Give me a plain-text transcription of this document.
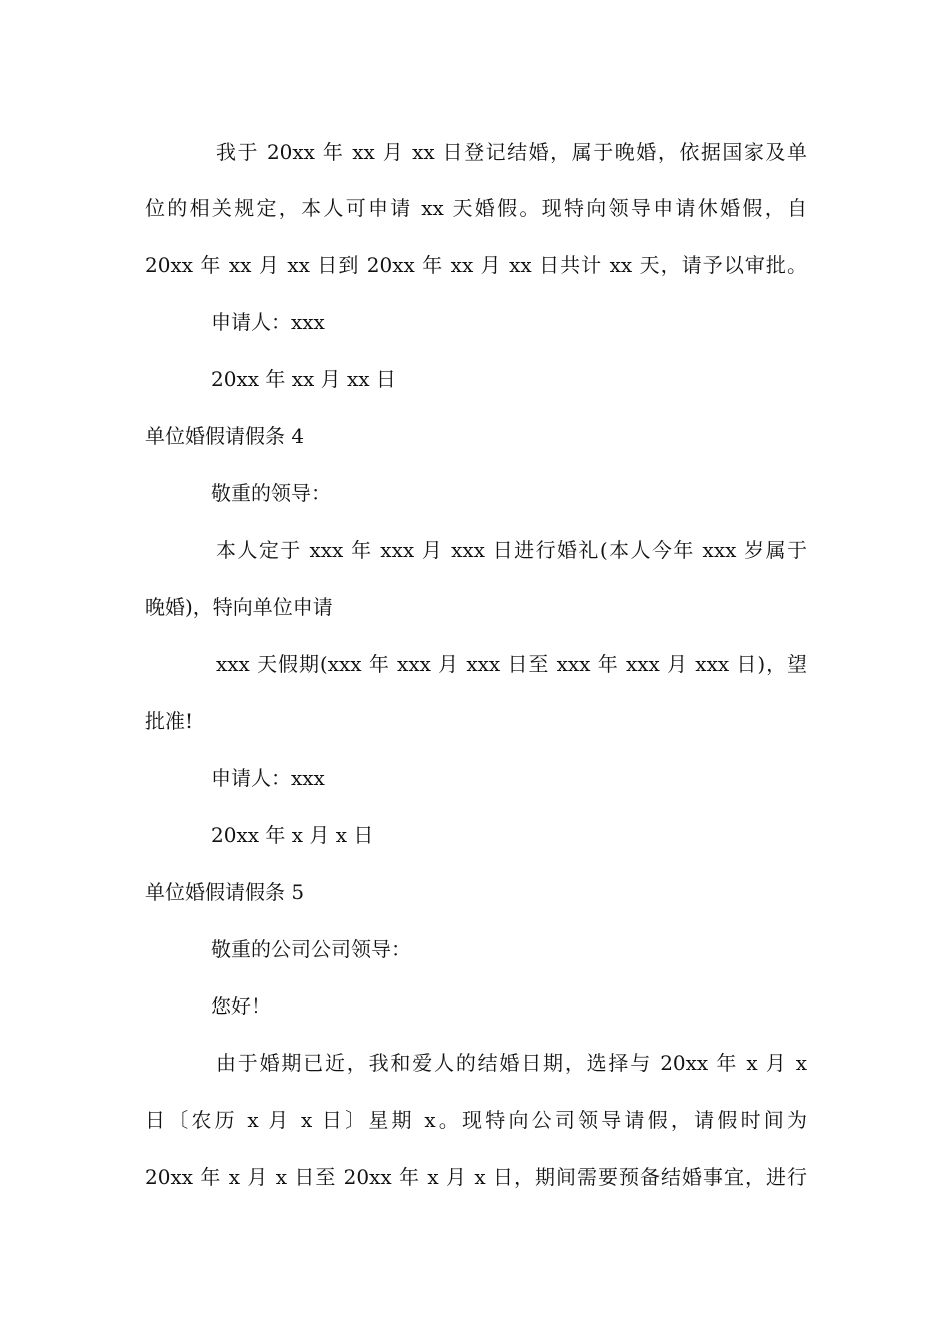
我于 20xx 年 xx 月 xx 日登记结婚，属于晚婚，依据国家及单
位的相关规定，本人可申请 xx 天婚假。现特向领导申请休婚假，自
20xx 年 xx 月 xx 日到 20xx 年 xx 月 xx 日共计 xx 天，请予以审批。
申请人：xxx
20xx 年 xx 月 xx 日
单位婚假请假条 4
敬重的领导：
本人定于 xxx 年 xxx 月 xxx 日进行婚礼(本人今年 xxx 岁属于
晚婚)，特向单位申请
xxx 天假期(xxx 年 xxx 月 xxx 日至 xxx 年 xxx 月 xxx 日)，望
批准!
申请人：xxx
20xx 年 x 月 x 日
单位婚假请假条 5
敬重的公司公司领导：
您好！
由于婚期已近，我和爱人的结婚日期，选择与 20xx 年 x 月 x
日〔农历 x 月 x 日〕星期 x。现特向公司领导请假，请假时间为
20xx 年 x 月 x 日至 20xx 年 x 月 x 日，期间需要预备结婚事宜，进行
